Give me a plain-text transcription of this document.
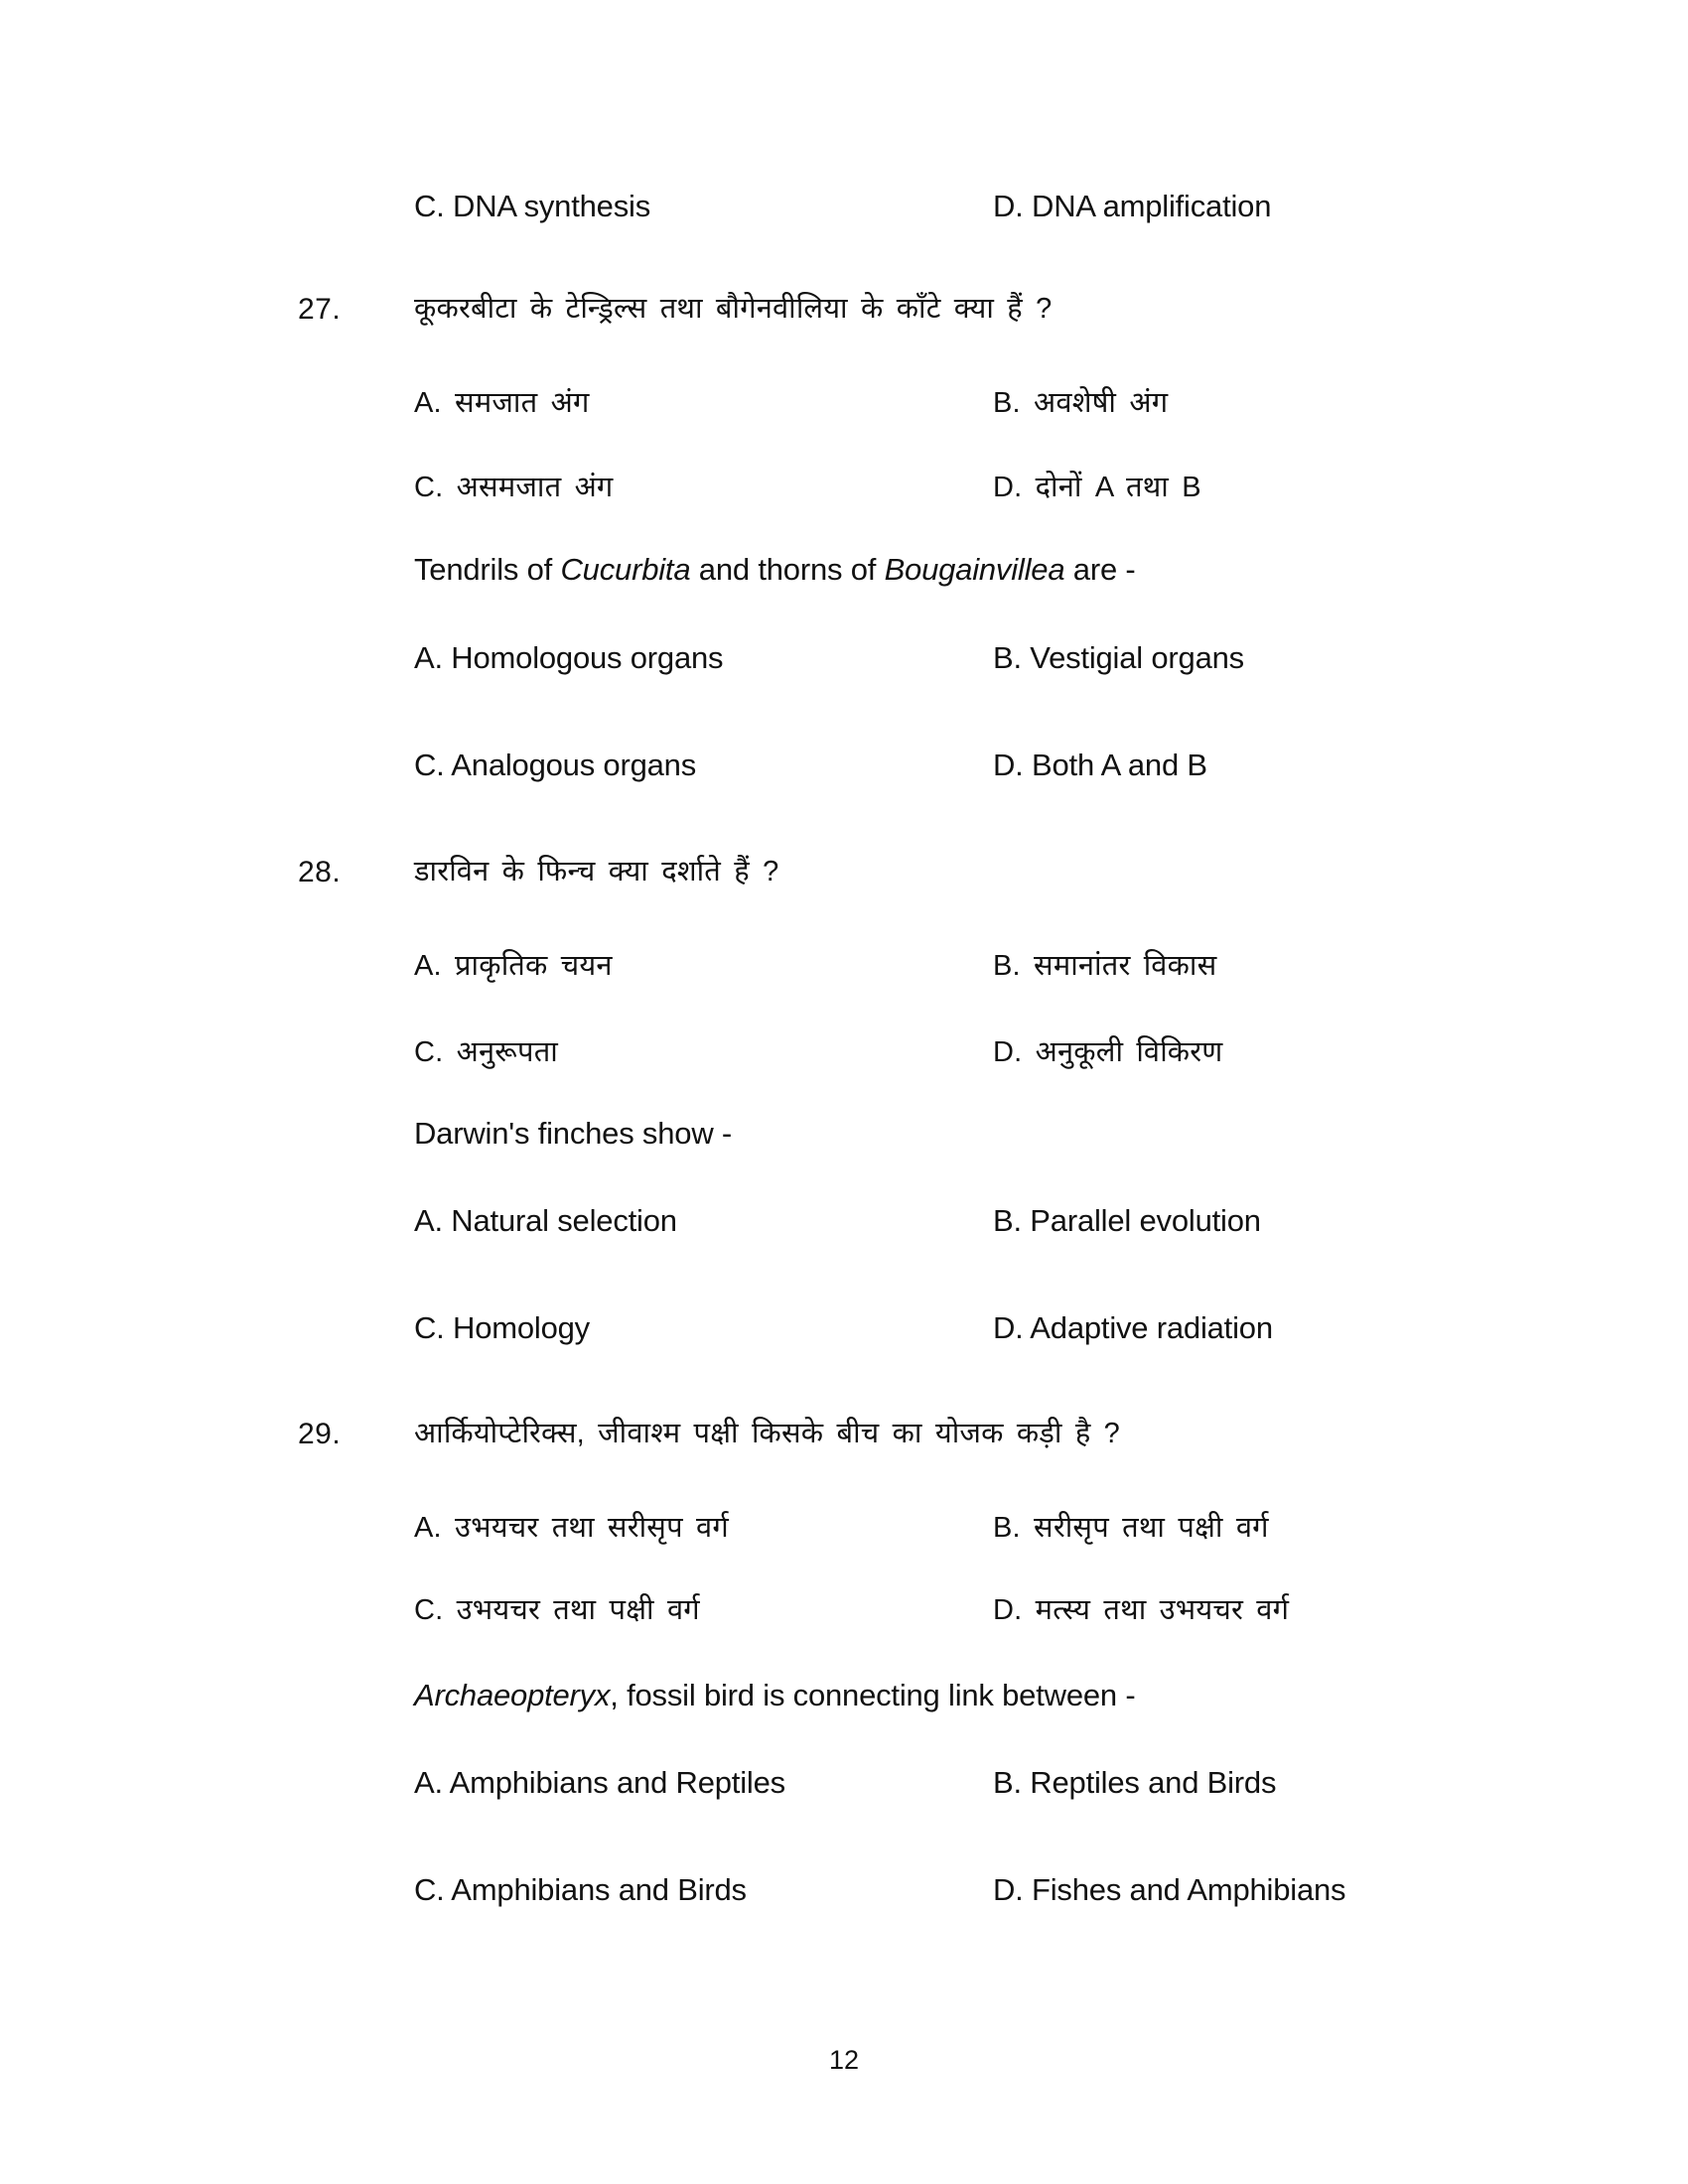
C. DNA synthesis	D. DNA amplification
27.	कूकरबीटा के टेन्ड्रिल्स तथा बौगेनवीलिया के काँटे क्या हैं ?
A. समजात अंग	B. अवशेषी अंग
C. असमजात अंग	D. दोनों A तथा B
Tendrils of Cucurbita and thorns of Bougainvillea are -
A. Homologous organs	B. Vestigial organs
C. Analogous organs	D. Both A and B
28.	डारविन के फिन्च क्या दर्शाते हैं ?
A. प्राकृतिक चयन	B. समानांतर विकास
C. अनुरूपता	D. अनुकूली विकिरण
Darwin's finches show -
A. Natural selection	B. Parallel evolution
C. Homology	D. Adaptive radiation
29.	आर्कियोप्टेरिक्स, जीवाश्म पक्षी किसके बीच का योजक कड़ी है ?
A. उभयचर तथा सरीसृप वर्ग	B. सरीसृप तथा पक्षी वर्ग
C. उभयचर तथा पक्षी वर्ग	D. मत्स्य तथा उभयचर वर्ग
Archaeopteryx, fossil bird is connecting link between -
A. Amphibians and Reptiles	B. Reptiles and Birds
C. Amphibians and Birds	D. Fishes and Amphibians
12
